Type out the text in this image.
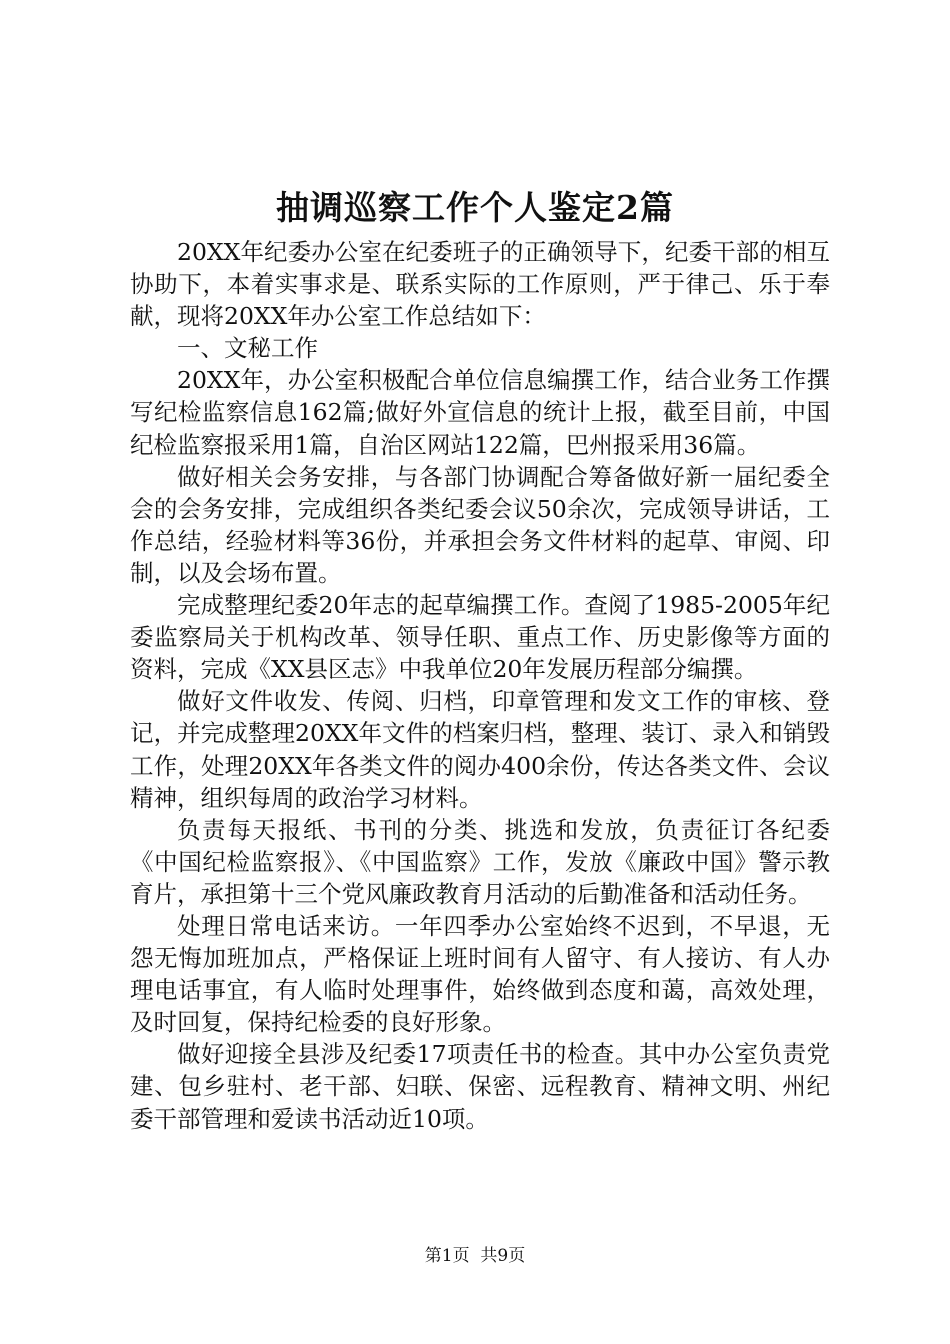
抽调巡察工作个人鉴定2篇

20XX年纪委办公室在纪委班子的正确领导下，纪委干部的相互协助下，本着实事求是、联系实际的工作原则，严于律己、乐于奉献，现将20XX年办公室工作总结如下：

一、文秘工作

20XX年，办公室积极配合单位信息编撰工作，结合业务工作撰写纪检监察信息162篇;做好外宣信息的统计上报，截至目前，中国纪检监察报采用1篇，自治区网站122篇，巴州报采用36篇。

做好相关会务安排，与各部门协调配合筹备做好新一届纪委全会的会务安排，完成组织各类纪委会议50余次，完成领导讲话，工作总结，经验材料等36份，并承担会务文件材料的起草、审阅、印制，以及会场布置。

完成整理纪委20年志的起草编撰工作。查阅了1985-2005年纪委监察局关于机构改革、领导任职、重点工作、历史影像等方面的资料，完成《XX县区志》中我单位20年发展历程部分编撰。

做好文件收发、传阅、归档，印章管理和发文工作的审核、登记，并完成整理20XX年文件的档案归档，整理、装订、录入和销毁工作，处理20XX年各类文件的阅办400余份，传达各类文件、会议精神，组织每周的政治学习材料。

负责每天报纸、书刊的分类、挑选和发放，负责征订各纪委《中国纪检监察报》、《中国监察》工作，发放《廉政中国》警示教育片，承担第十三个党风廉政教育月活动的后勤准备和活动任务。

处理日常电话来访。一年四季办公室始终不迟到，不早退，无怨无悔加班加点，严格保证上班时间有人留守、有人接访、有人办理电话事宜，有人临时处理事件，始终做到态度和蔼，高效处理，及时回复，保持纪检委的良好形象。

做好迎接全县涉及纪委17项责任书的检查。其中办公室负责党建、包乡驻村、老干部、妇联、保密、远程教育、精神文明、州纪委干部管理和爱读书活动近10项。

第1页 共9页
